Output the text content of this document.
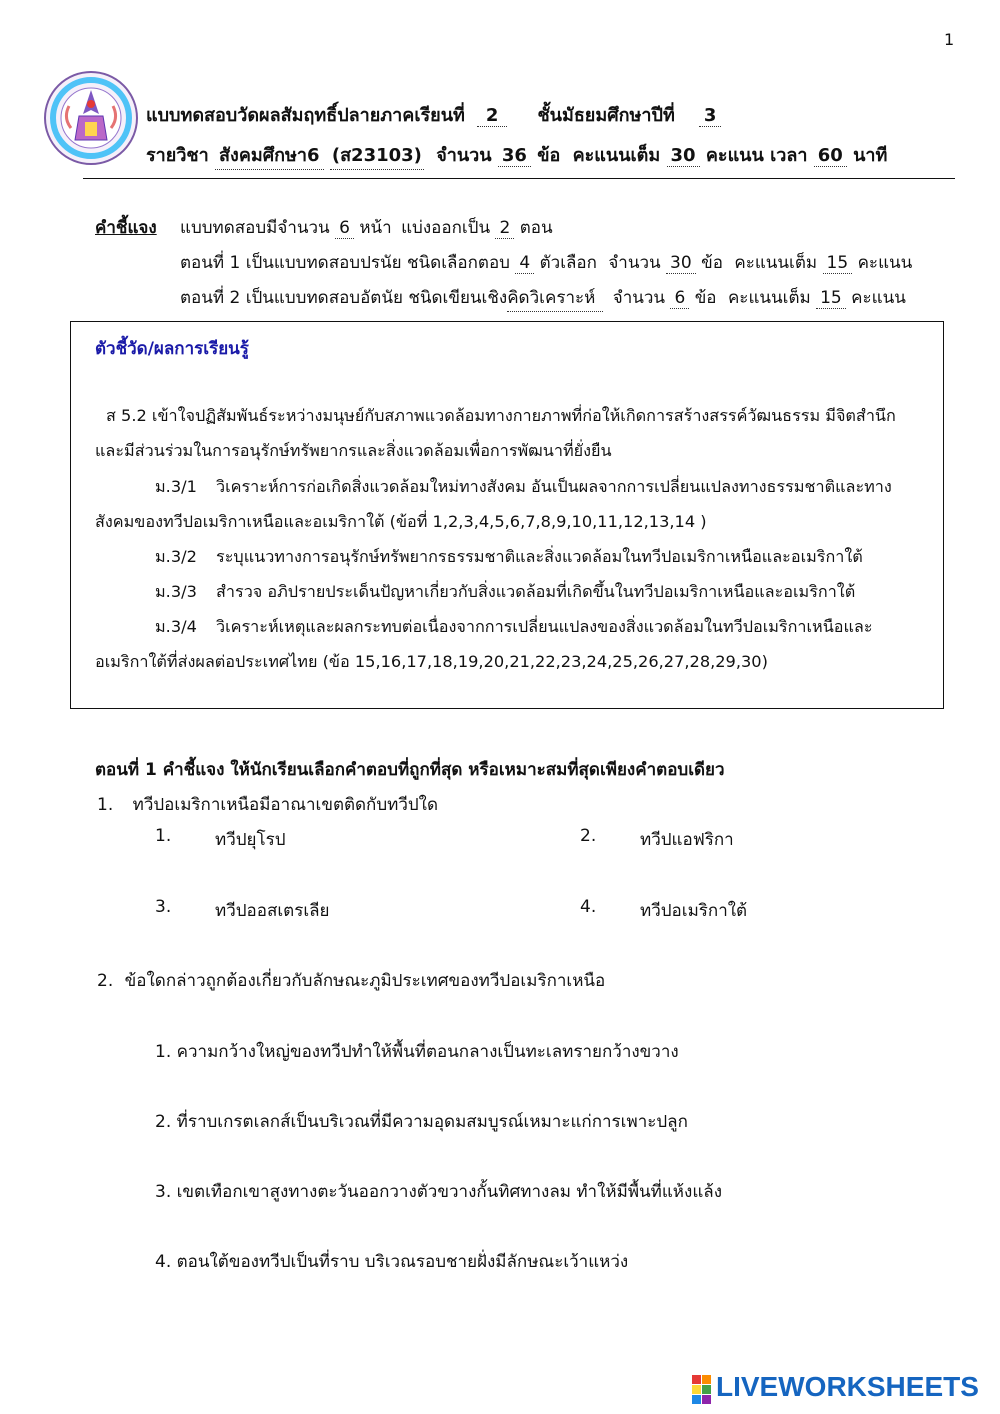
1
แบบทดสอบวัดผลสัมฤทธิ์ปลายภาคเรียนที่ 2 ชั้นมัธยมศึกษาปีที่ 3
รายวิชา สังคมศึกษา6 (ส23103) จำนวน 36 ข้อ คะแนนเต็ม 30 คะแนน เวลา 60 นาที
คำชี้แจง แบบทดสอบมีจำนวน 6 หน้า แบ่งออกเป็น 2 ตอน
ตอนที่ 1 เป็นแบบทดสอบปรนัย ชนิดเลือกตอบ 4 ตัวเลือก จำนวน 30 ข้อ คะแนนเต็ม 15 คะแนน
ตอนที่ 2 เป็นแบบทดสอบอัตนัย ชนิดเขียนเชิงคิดวิเคราะห์ จำนวน 6 ข้อ คะแนนเต็ม 15 คะแนน
ตัวชี้วัด/ผลการเรียนรู้
ส 5.2 เข้าใจปฏิสัมพันธ์ระหว่างมนุษย์กับสภาพแวดล้อมทางกายภาพที่ก่อให้เกิดการสร้างสรรค์วัฒนธรรม มีจิตสำนึก
และมีส่วนร่วมในการอนุรักษ์ทรัพยากรและสิ่งแวดล้อมเพื่อการพัฒนาที่ยั่งยืน
ม.3/1 วิเคราะห์การก่อเกิดสิ่งแวดล้อมใหม่ทางสังคม อันเป็นผลจากการเปลี่ยนแปลงทางธรรมชาติและทาง
สังคมของทวีปอเมริกาเหนือและอเมริกาใต้ (ข้อที่ 1,2,3,4,5,6,7,8,9,10,11,12,13,14 )
ม.3/2 ระบุแนวทางการอนุรักษ์ทรัพยากรธรรมชาติและสิ่งแวดล้อมในทวีปอเมริกาเหนือและอเมริกาใต้
ม.3/3 สำรวจ อภิปรายประเด็นปัญหาเกี่ยวกับสิ่งแวดล้อมที่เกิดขึ้นในทวีปอเมริกาเหนือและอเมริกาใต้
ม.3/4 วิเคราะห์เหตุและผลกระทบต่อเนื่องจากการเปลี่ยนแปลงของสิ่งแวดล้อมในทวีปอเมริกาเหนือและ
อเมริกาใต้ที่ส่งผลต่อประเทศไทย (ข้อ 15,16,17,18,19,20,21,22,23,24,25,26,27,28,29,30)
ตอนที่ 1 คำชี้แจง ให้นักเรียนเลือกคำตอบที่ถูกที่สุด หรือเหมาะสมที่สุดเพียงคำตอบเดียว
1. ทวีปอเมริกาเหนือมีอาณาเขตติดกับทวีปใด
1.	ทวีปยุโรป	2.	ทวีปแอฟริกา
3.	ทวีปออสเตรเลีย	4.	ทวีปอเมริกาใต้
2. ข้อใดกล่าวถูกต้องเกี่ยวกับลักษณะภูมิประเทศของทวีปอเมริกาเหนือ
1. ความกว้างใหญ่ของทวีปทำให้พื้นที่ตอนกลางเป็นทะเลทรายกว้างขวาง
2. ที่ราบเกรตเลกส์เป็นบริเวณที่มีความอุดมสมบูรณ์เหมาะแก่การเพาะปลูก
3. เขตเทือกเขาสูงทางตะวันออกวางตัวขวางกั้นทิศทางลม ทำให้มีพื้นที่แห้งแล้ง
4. ตอนใต้ของทวีปเป็นที่ราบ บริเวณรอบชายฝั่งมีลักษณะเว้าแหว่ง
LIVEWORKSHEETS
